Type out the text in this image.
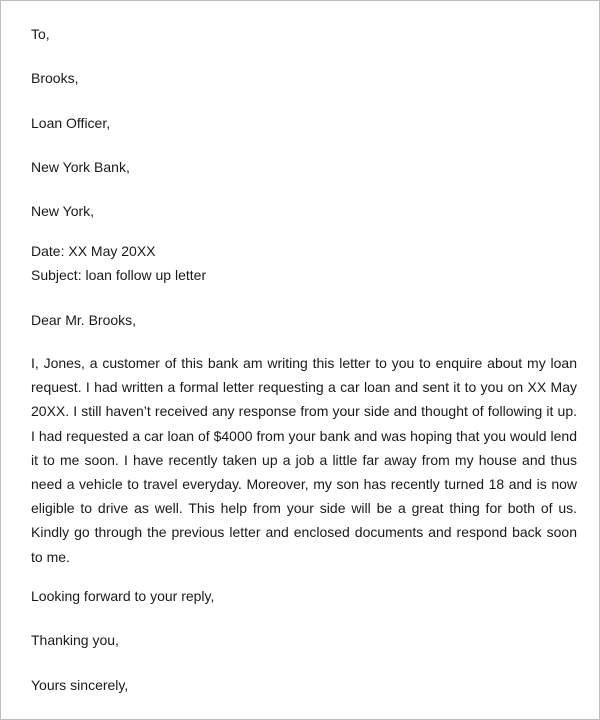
To,

Brooks,

Loan Officer,

New York Bank,

New York,

Date: XX May 20XX

Subject: loan follow up letter

Dear Mr. Brooks,

I, Jones, a customer of this bank am writing this letter to you to enquire about my loan request. I had written a formal letter requesting a car loan and sent it to you on XX May 20XX. I still haven’t received any response from your side and thought of following it up. I had requested a car loan of $4000 from your bank and was hoping that you would lend it to me soon. I have recently taken up a job a little far away from my house and thus need a vehicle to travel everyday. Moreover, my son has recently turned 18 and is now eligible to drive as well. This help from your side will be a great thing for both of us. Kindly go through the previous letter and enclosed documents and respond back soon to me.

Looking forward to your reply,

Thanking you,

Yours sincerely,
